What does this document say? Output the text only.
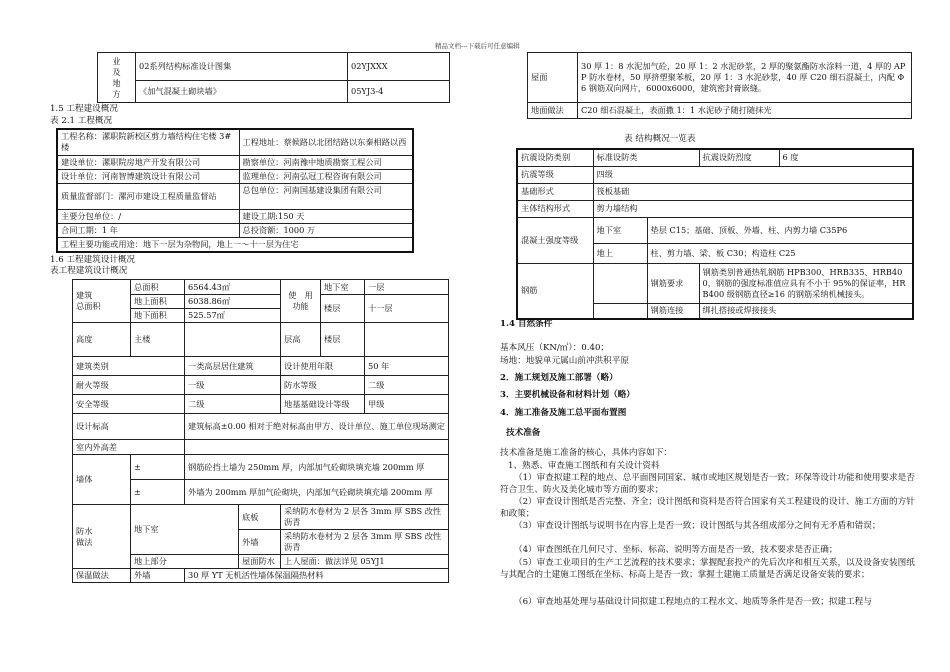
精品文档---下载后可任意编辑
业
及
地
方	02系列结构标准设计图集	02YJXXX
	《加气混凝土砌块墙》	05YJ3-4
1.5 工程建设概况
表 2.1 工程概况
工程名称：漯职院新校区剪力墙结构住宅楼 3#楼	工程地址：蔡候路以北团结路以东秦相路以西
建设单位：漯职院房地产开发有限公司	勘察单位：河南豫中地质勘察工程公司
设计单位：河南智博建筑设计有限公司	监理单位：河南弘冠工程咨询有限公司
质量监督部门：漯河市建设工程质量监督站	总包单位：河南国基建设集团有限公司
主要分包单位：/	建设工期:150 天
合同工期：1 年	总投资额：1000 万
工程主要功能或用途：地下一层为杂物间，地上一～十一层为住宅	
1.6 工程建筑设计概况
表工程建筑设计概况
建筑
总面积	总面积	6564.43㎡		使　用
功能	地下室	一层
	地上面积	6038.86㎡			楼层	十一层
	地下面积	525.57㎡				
高度	主楼			层高	楼层	
建筑类别		一类高层居住建筑		设计使用年限		50 年
耐火等级		一级		防水等级		二级
安全等级		二级		地基基础设计等级		甲级
设计标高		建筑标高±0.00 相对于绝对标高由甲方、设计单位、施工单位现场测定				
室内外高差						
墙体	±	钢筋砼挡土墙为 250mm 厚，内部加气砼砌块填充墙 200mm 厚				
	±	外墙为 200mm 厚加气砼砌块，内部加气砼砌块填充墙 200mm 厚				
防水
做法	地下室		底板	采纳防水卷材为 2 层各 3mm 厚 SBS 改性沥青		
			外墙	采纳防水卷材为 2 层各 3mm 厚 SBS 改性沥青		
	地上部分		屋面防水	上人屋面：做法详见 05YJ1		
保温做法	外墙	30 厚 YT 无机活性墙体保温隔热材料				
屋面	30 厚 1：8 水泥加气砼，20 厚 1：2 水泥砂浆，2 厚的聚氨酯防水涂料一道，4 厚的 APP 防水卷材，50 厚挤塑聚苯板，20 厚 1：3 水泥砂浆，40 厚 C20 细石混凝土，内配 Φ6 钢筋双向网片，6000x6000，建筑密封膏嵌缝。
地面做法	C20 细石混凝土，表面撒 1：1 水泥砂子随打随抹光
表 结构概况一览表
抗震设防类别	标准设防类		抗震设防烈度	6 度
抗震等级	四级			
基础形式	筏板基础			
主体结构形式	剪力墙结构			
混凝土强度等级	地下室	垫层 C15；基础、顶板、外墙、柱、内剪力墙 C35P6		
	地上	柱、剪力墙、梁、板 C30；构造柱 C25		
钢筋		钢筋要求	钢筋类别普通热轧钢筋 HPB300、HRB335、HRB400，钢筋的强度标准值应具有不小于 95%的保证率，HRB400 级钢筋直径≥16 的钢筋采纳机械接头。	
		钢筋连接	绑扎搭接或焊接接头	
1.4 自然条件
基本风压（KN/㎡）：0.40；
场地：地貌单元属山前冲洪积平原
2．施工规划及施工部署（略）
3．主要机械设备和材料计划（略）
4．施工准备及施工总平面布置图
技术准备
技术准备是施工准备的核心，具体内容如下：
1、熟悉、审查施工图纸和有关设计资料
（1）审查拟建工程的地点、总平面图同国家、城市或地区规划是否一致；环保等设计功能和使用要求是否符合卫生、防火及美化城市等方面的要求；
（2）审查设计图纸是否完整、齐全；设计图纸和资料是否符合国家有关工程建设的设计、施工方面的方针和政策；
（3）审查设计图纸与说明书在内容上是否一致；设计图纸与其各组成部分之间有无矛盾和错误；
（4）审查图纸在几何尺寸、坐标、标高、说明等方面是否一致，技术要求是否正确；
（5）审查工业项目的生产工艺流程的技术要求；掌握配套投产的先后次序和相互关系，以及设备安装图纸与其配合的土建施工图纸在坐标、标高上是否一致；掌握土建施工质量是否满足设备安装的要求；
（6）审查地基处理与基础设计同拟建工程地点的工程水文、地质等条件是否一致；拟建工程与
